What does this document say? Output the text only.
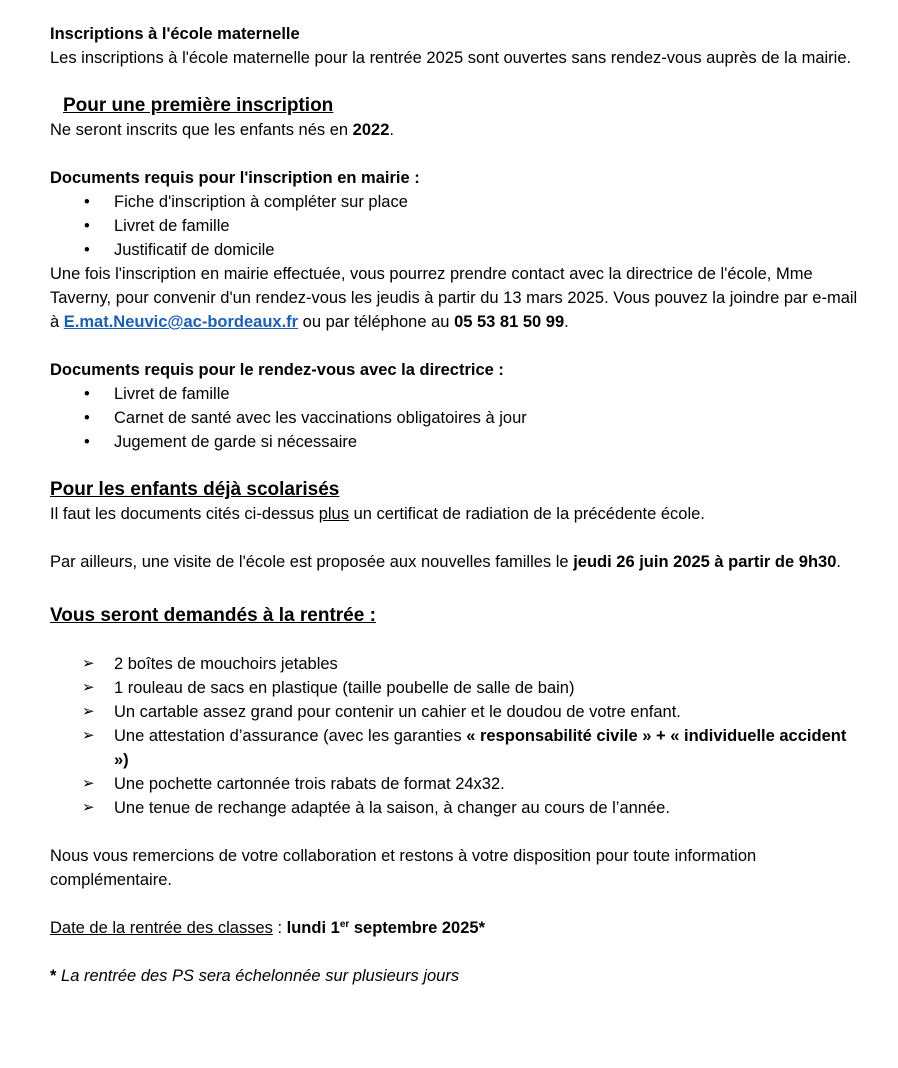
Inscriptions à l'école maternelle

Les inscriptions à l'école maternelle pour la rentrée 2025 sont ouvertes sans rendez-vous auprès de la mairie.

Pour une première inscription

Ne seront inscrits que les enfants nés en 2022.

Documents requis pour l'inscription en mairie :

• Fiche d'inscription à compléter sur place
• Livret de famille
• Justificatif de domicile

Une fois l'inscription en mairie effectuée, vous pourrez prendre contact avec la directrice de l'école, Mme Taverny, pour convenir d'un rendez-vous les jeudis à partir du 13 mars 2025. Vous pouvez la joindre par e-mail à E.mat.Neuvic@ac-bordeaux.fr ou par téléphone au 05 53 81 50 99.

Documents requis pour le rendez-vous avec la directrice :

• Livret de famille
• Carnet de santé avec les vaccinations obligatoires à jour
• Jugement de garde si nécessaire

Pour les enfants déjà scolarisés

Il faut les documents cités ci-dessus plus un certificat de radiation de la précédente école.

Par ailleurs, une visite de l'école est proposée aux nouvelles familles le jeudi 26 juin 2025 à partir de 9h30.

Vous seront demandés à la rentrée :

➢ 2 boîtes de mouchoirs jetables
➢ 1 rouleau de sacs en plastique (taille poubelle de salle de bain)
➢ Un cartable assez grand pour contenir un cahier et le doudou de votre enfant.
➢ Une attestation d’assurance (avec les garanties « responsabilité civile » + « individuelle accident »)
➢ Une pochette cartonnée trois rabats de format 24x32.
➢ Une tenue de rechange adaptée à la saison, à changer au cours de l’année.

Nous vous remercions de votre collaboration et restons à votre disposition pour toute information complémentaire.

Date de la rentrée des classes : lundi 1er septembre 2025*

* La rentrée des PS sera échelonnée sur plusieurs jours
